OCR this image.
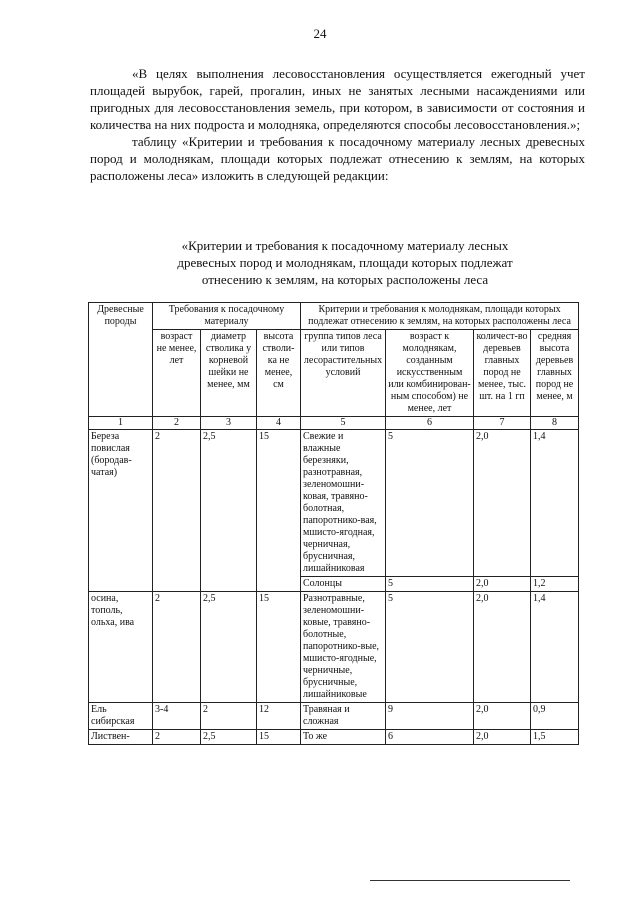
24

«В целях выполнения лесовосстановления осуществляется ежегодный учет площадей вырубок, гарей, прогалин, иных не занятых лесными насаждениями или пригодных для лесовосстановления земель, при котором, в зависимости от состояния и количества на них подроста и молодняка, определяются способы лесовосстановления.»;

таблицу «Критерии и требования к посадочному материалу лесных древесных пород и молоднякам, площади которых подлежат отнесению к землям, на которых расположены леса» изложить в следующей редакции:

«Критерии и требования к посадочному материалу лесных
древесных пород и молоднякам, площади которых подлежат
отнесению к землям, на которых расположены леса
Древесные породы	Требования к посадочному материалу			Критерии и требования к молоднякам, площади которых подлежат отнесению к землям, на которых расположены леса			
	возраст не менее, лет	диаметр стволика у корневой шейки не менее, мм	высота стволи-ка не менее, см	группа типов леса или типов лесорастительных условий	возраст к молоднякам, созданным искусственным или комбинирован-ным способом) не менее, лет	количест-во деревьев главных пород не менее, тыс. шт. на 1 гп	средняя высота деревьев главных пород не менее, м
1	2	3	4	5	6	7	8
Береза повислая (бородав-чатая)	2	2,5	15	Свежие и влажные березняки, разнотравная, зеленомошни-ковая, травяно-болотная, папоротнико-вая, мшисто-ягодная, черничная, брусничная, лишайниковая	5	2,0	1,4
				Солонцы	5	2,0	1,2
осина, тополь, ольха, ива	2	2,5	15	Разнотравные, зеленомошни-ковые, травяно-болотные, папоротнико-вые, мшисто-ягодные, черничные, брусничные, лишайниковые	5	2,0	1,4
Ель сибирская	3-4	2	12	Травяная и сложная	9	2,0	0,9
Листвен-	2	2,5	15	То же	6	2,0	1,5
